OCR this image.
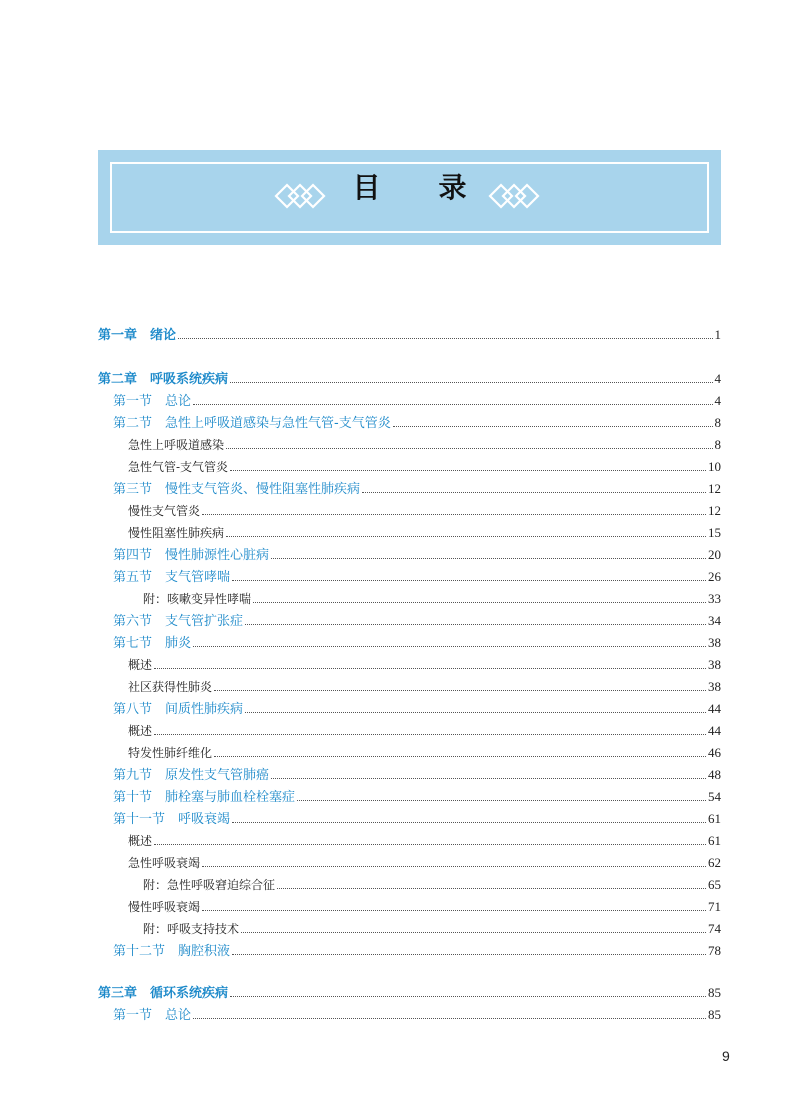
目录
第一章　绪论	1
第二章　呼吸系统疾病	4
第一节　总论	4
第二节　急性上呼吸道感染与急性气管-支气管炎	8
急性上呼吸道感染	8
急性气管-支气管炎	10
第三节　慢性支气管炎、慢性阻塞性肺疾病	12
慢性支气管炎	12
慢性阻塞性肺疾病	15
第四节　慢性肺源性心脏病	20
第五节　支气管哮喘	26
附：咳嗽变异性哮喘	33
第六节　支气管扩张症	34
第七节　肺炎	38
概述	38
社区获得性肺炎	38
第八节　间质性肺疾病	44
概述	44
特发性肺纤维化	46
第九节　原发性支气管肺癌	48
第十节　肺栓塞与肺血栓栓塞症	54
第十一节　呼吸衰竭	61
概述	61
急性呼吸衰竭	62
附：急性呼吸窘迫综合征	65
慢性呼吸衰竭	71
附：呼吸支持技术	74
第十二节　胸腔积液	78
第三章　循环系统疾病	85
第一节　总论	85
9
